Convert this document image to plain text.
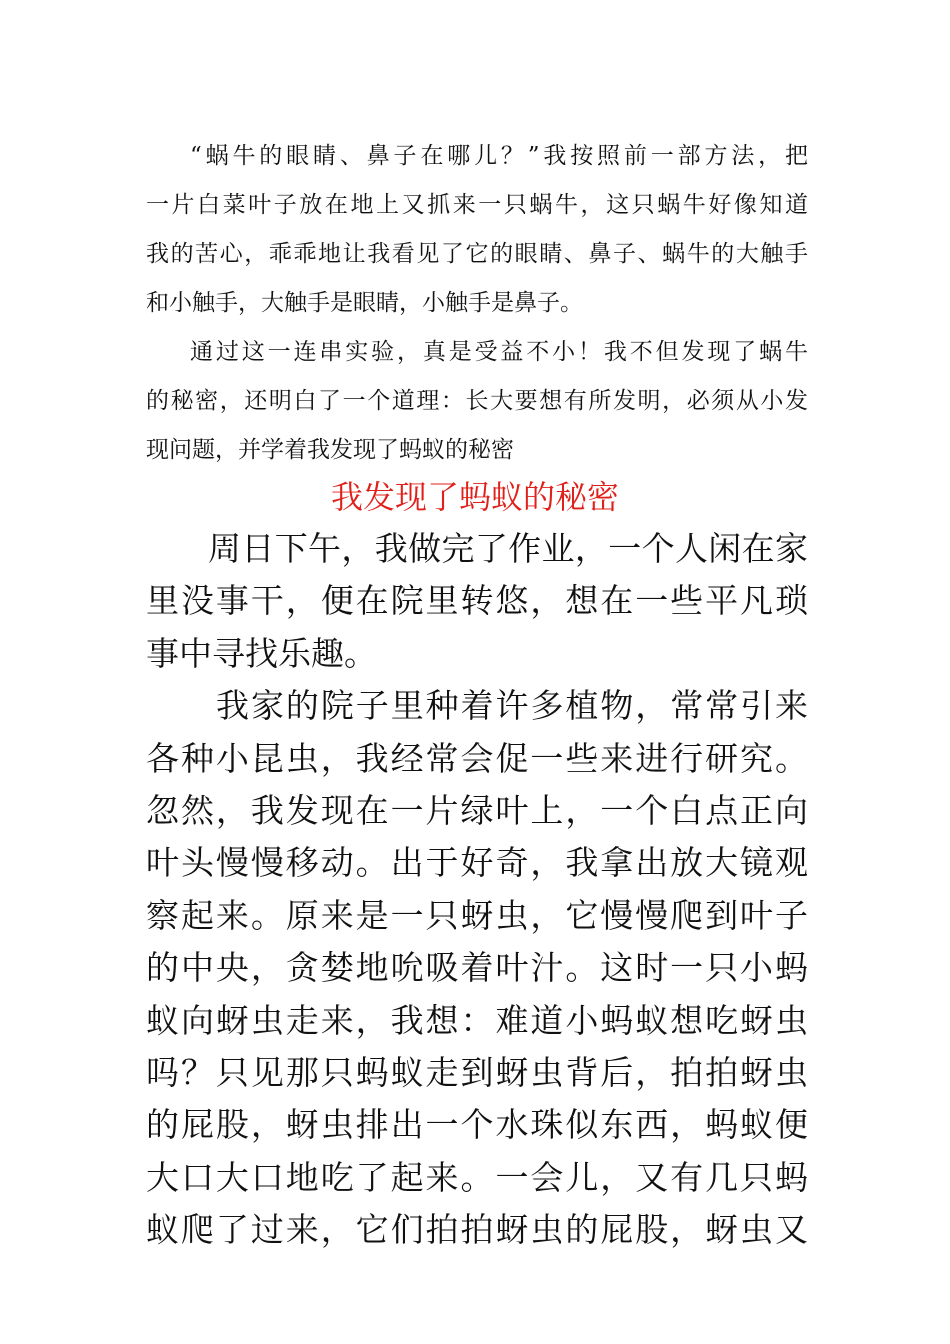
“蜗牛的眼睛、鼻子在哪儿？”我按照前一部方法，把
一片白菜叶子放在地上又抓来一只蜗牛，这只蜗牛好像知道
我的苦心，乖乖地让我看见了它的眼睛、鼻子、蜗牛的大触手
和小触手，大触手是眼睛，小触手是鼻子。
通过这一连串实验，真是受益不小！我不但发现了蜗牛
的秘密，还明白了一个道理：长大要想有所发明，必须从小发
现问题，并学着我发现了蚂蚁的秘密
我发现了蚂蚁的秘密
周日下午，我做完了作业，一个人闲在家
里没事干，便在院里转悠，想在一些平凡琐
事中寻找乐趣。
我家的院子里种着许多植物，常常引来
各种小昆虫，我经常会促一些来进行研究。
忽然，我发现在一片绿叶上，一个白点正向
叶头慢慢移动。出于好奇，我拿出放大镜观
察起来。原来是一只蚜虫，它慢慢爬到叶子
的中央，贪婪地吮吸着叶汁。这时一只小蚂
蚁向蚜虫走来，我想：难道小蚂蚁想吃蚜虫
吗？只见那只蚂蚁走到蚜虫背后，拍拍蚜虫
的屁股，蚜虫排出一个水珠似东西，蚂蚁便
大口大口地吃了起来。一会儿，又有几只蚂
蚁爬了过来，它们拍拍蚜虫的屁股，蚜虫又
